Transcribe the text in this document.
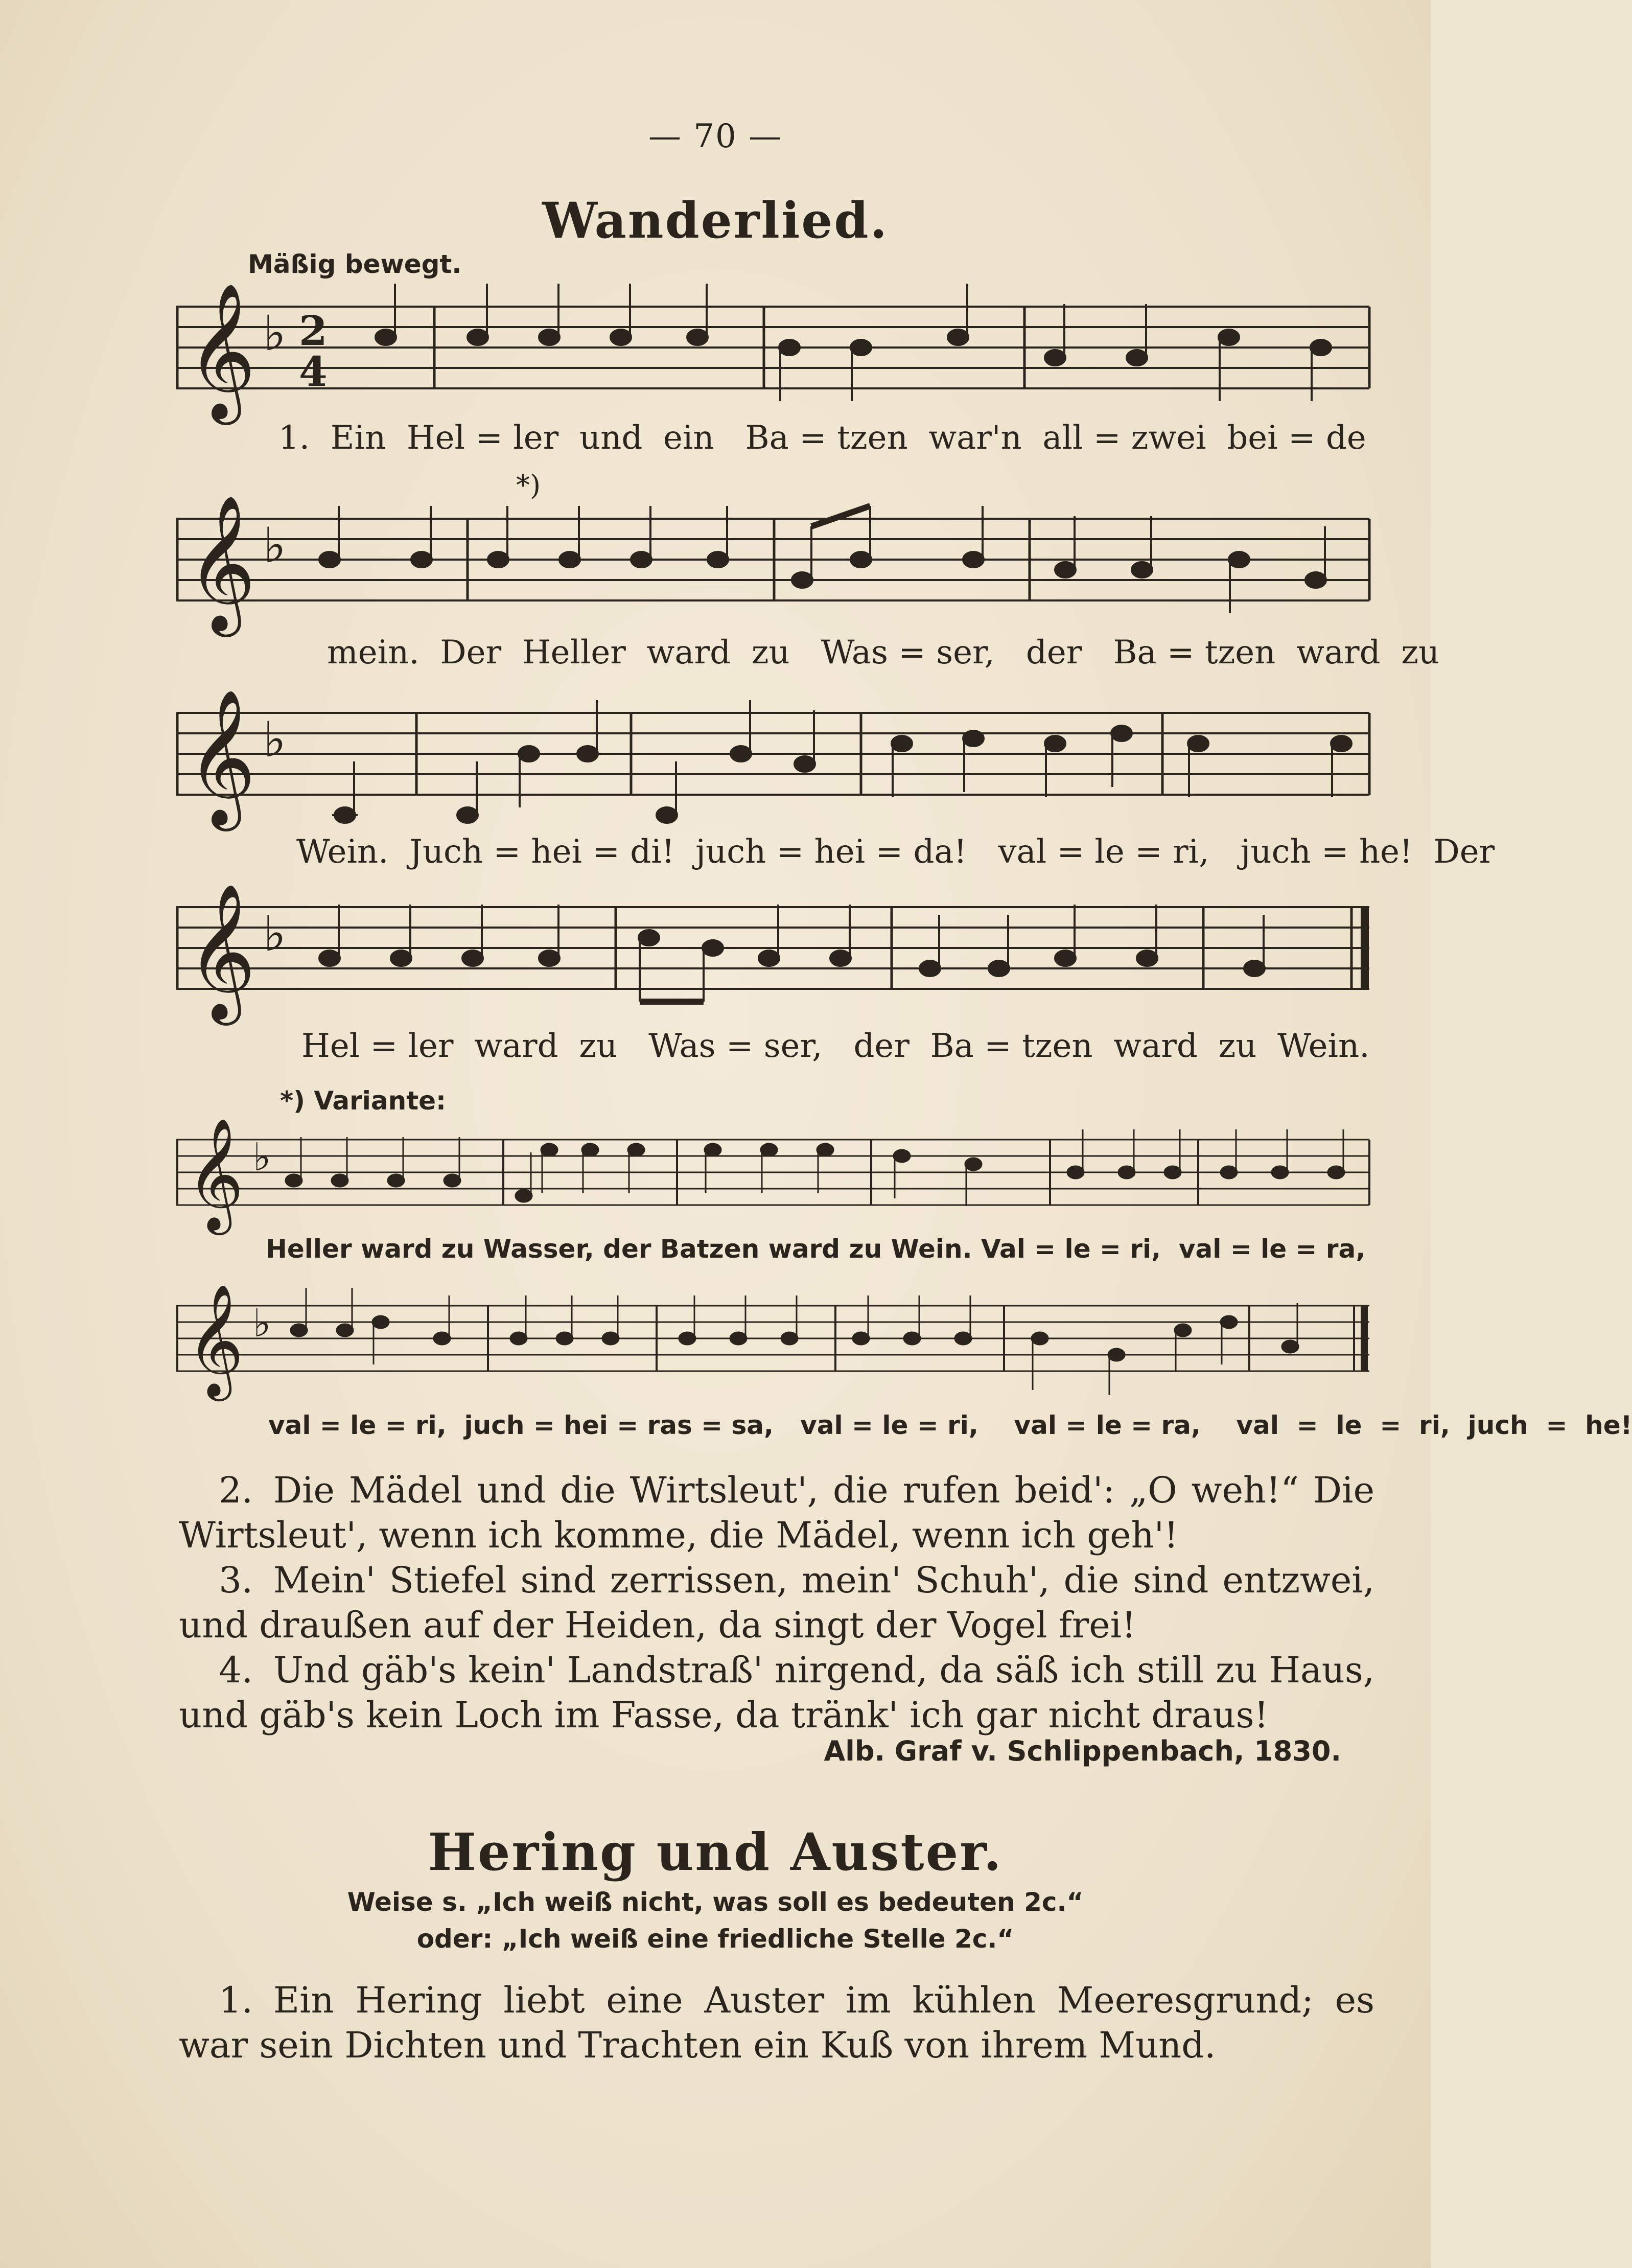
— 70 —
Wanderlied.
Mäßig bewegt.
𝄞 ♭ 2
4
1.  Ein  Hel = ler  und  ein   Ba = tzen  war'n  all = zwei  bei = de
*)
𝄞 ♭
mein.  Der  Heller  ward  zu   Was = ser,   der   Ba = tzen  ward  zu
𝄞 ♭
Wein.  Juch = hei = di!  juch = hei = da!   val = le = ri,   juch = he!  Der
𝄞 ♭
Hel = ler  ward  zu   Was = ser,   der  Ba = tzen  ward  zu  Wein.
*) Variante:
𝄞 ♭
Heller ward zu Wasser, der Batzen ward zu Wein. Val = le = ri,  val = le = ra,
𝄞 ♭
val = le = ri,  juch = hei = ras = sa,   val = le = ri,    val = le = ra,    val  =  le  =  ri,  juch  =  he!
2. Die Mädel und die Wirtsleut', die rufen beid': „O weh!“ Die Wirtsleut', wenn ich komme, die Mädel, wenn ich geh'!
3. Mein' Stiefel sind zerrissen, mein' Schuh', die sind entzwei, und draußen auf der Heiden, da singt der Vogel frei!
4. Und gäb's kein' Landstraß' nirgend, da säß ich still zu Haus, und gäb's kein Loch im Fasse, da tränk' ich gar nicht draus!
Alb. Graf v. Schlippenbach, 1830.
Hering und Auster.
Weise s. „Ich weiß nicht, was soll es bedeuten 2c.“
oder: „Ich weiß eine friedliche Stelle 2c.“
1. Ein Hering liebt eine Auster im kühlen Meeresgrund; es war sein Dichten und Trachten ein Kuß von ihrem Mund.
